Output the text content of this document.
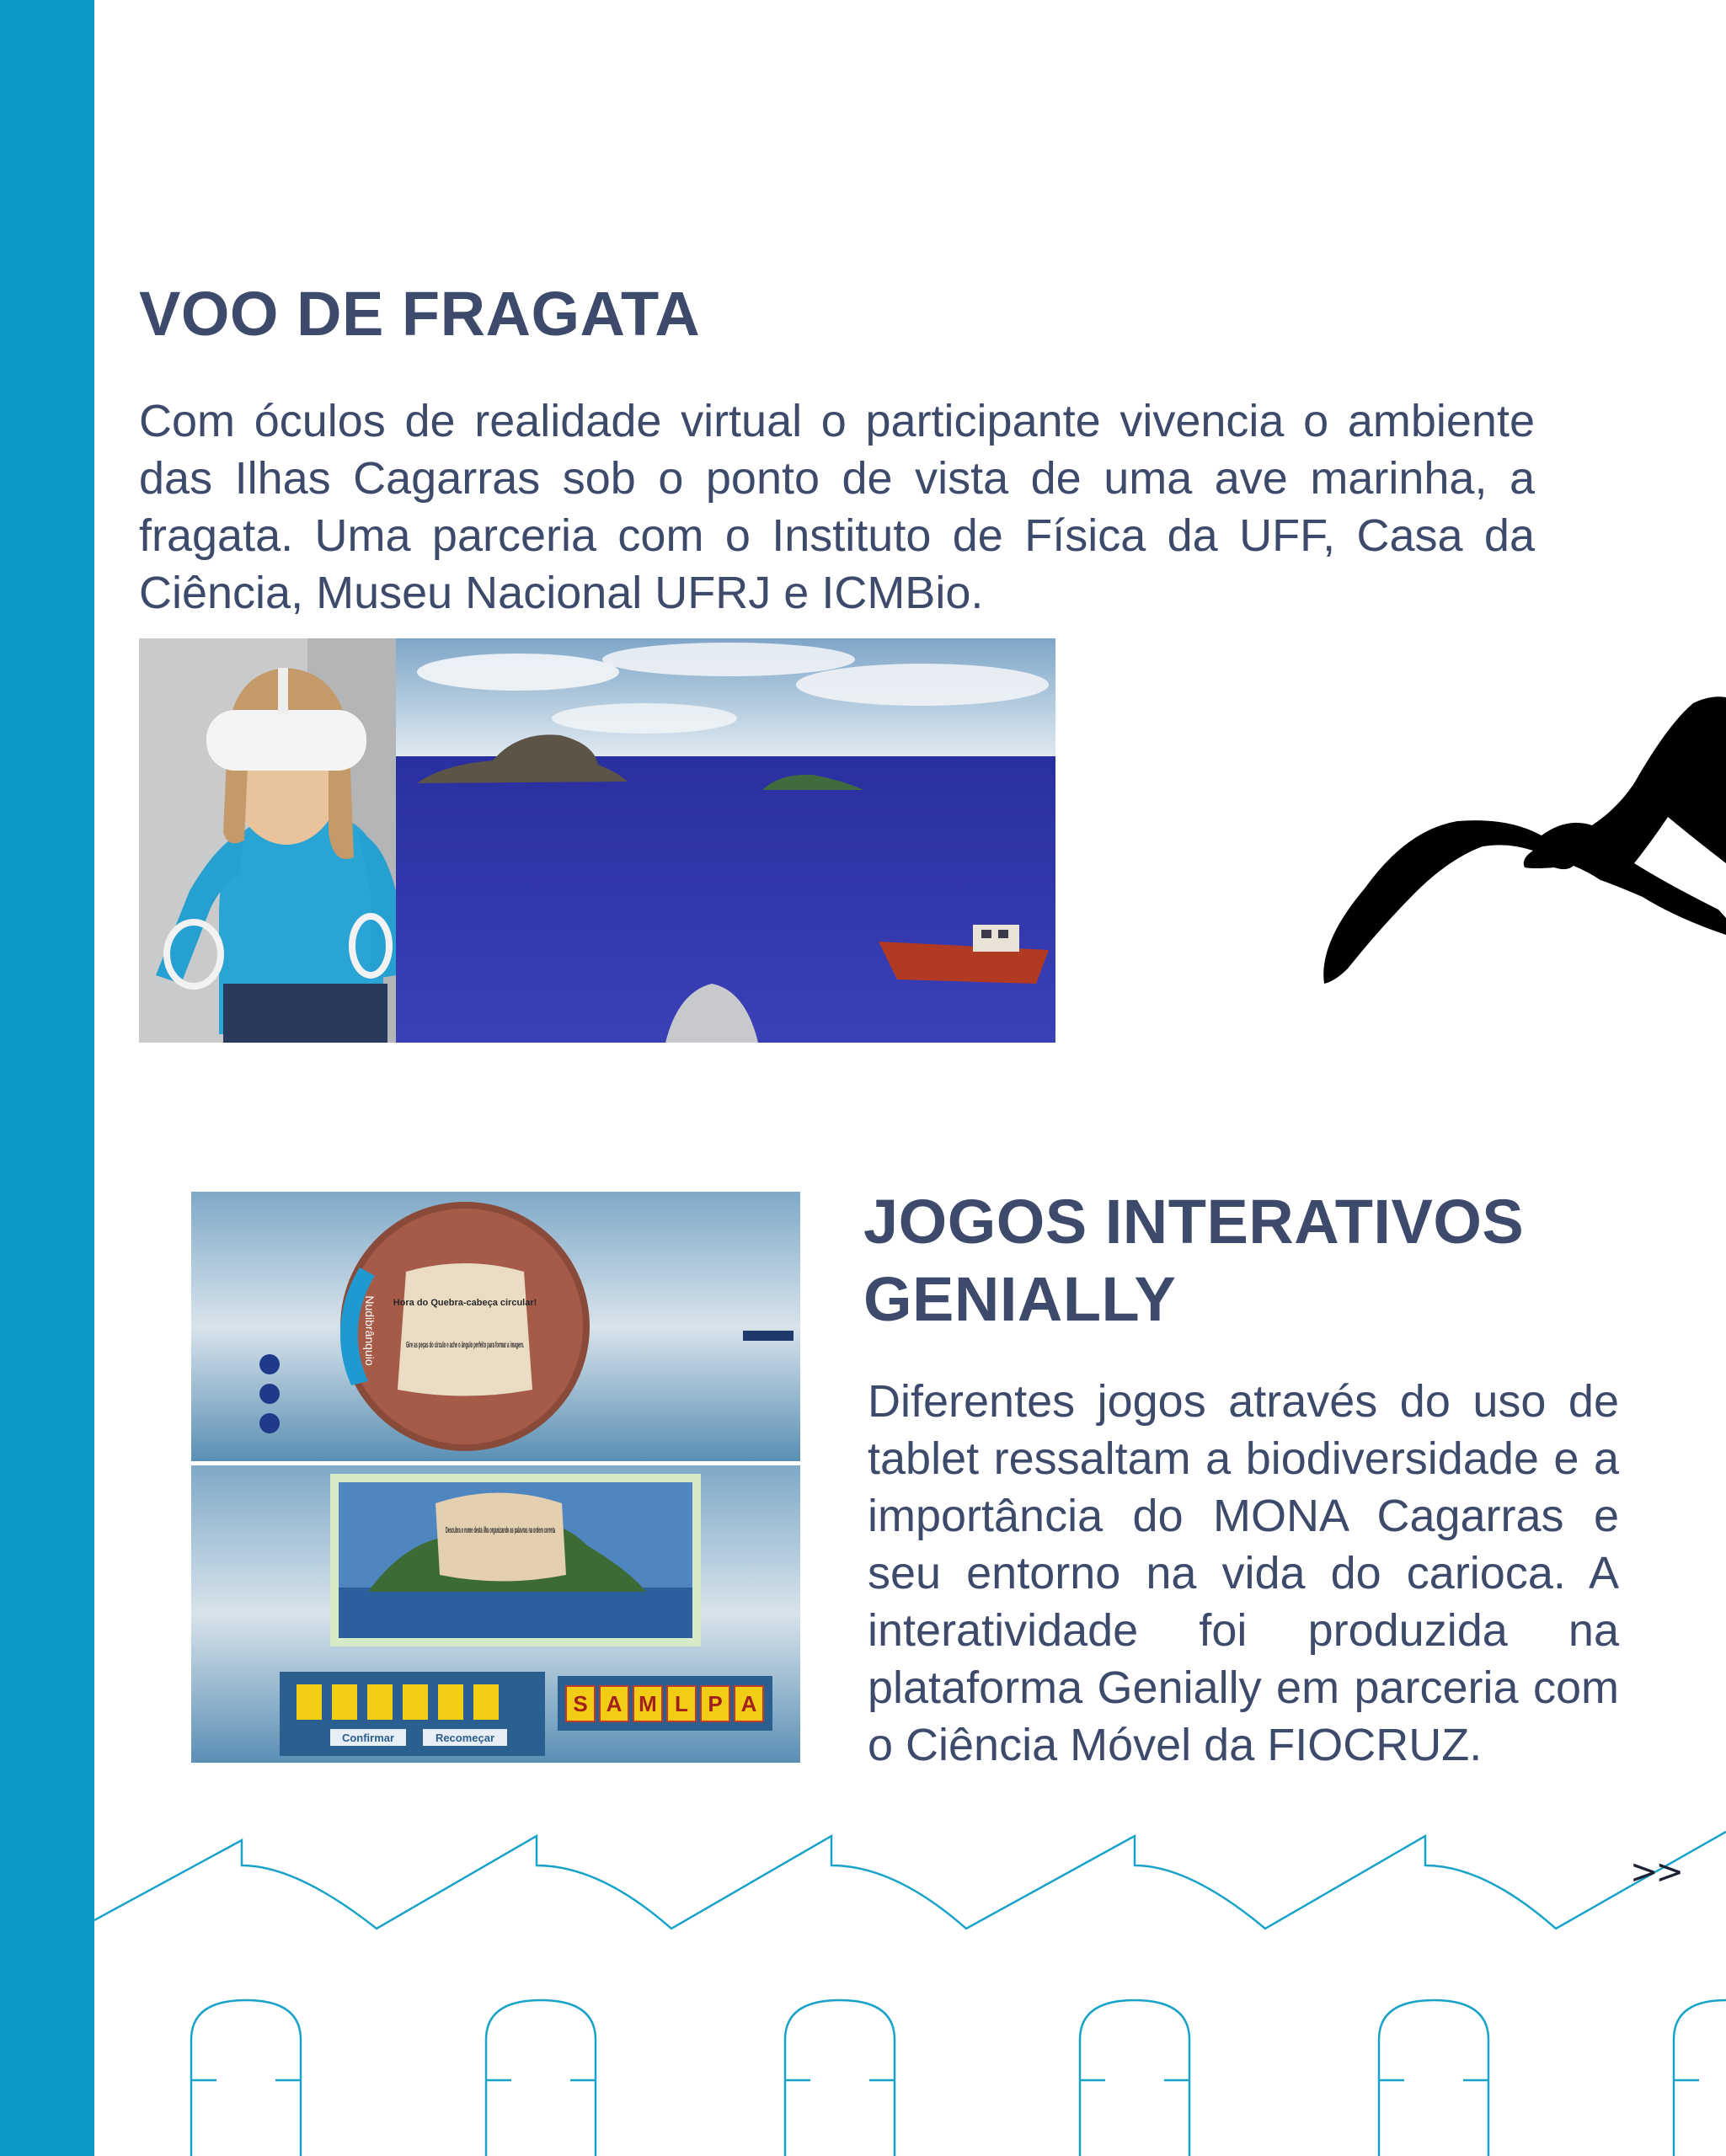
VOO DE FRAGATA

Com óculos de realidade virtual o participante vivencia o ambiente das Ilhas Cagarras sob o ponto de vista de uma ave marinha, a fragata. Uma parceria com o Instituto de Física da UFF, Casa da Ciência, Museu Nacional UFRJ e ICMBio.

Hora do Quebra-cabeça circular!
Gire as peças do círculo e ache o ângulo perfeito para formar a imagem.
Nudibrânquio
Descubra o nome desta ilha organizando as palavras na ordem correta
Confirmar	Recomeçar
S A M L P A
JOGOS INTERATIVOS GENIALLY

Diferentes jogos através do uso de tablet ressaltam a biodiversidade e a importância do MONA Cagarras e seu entorno na vida do carioca. A interatividade foi produzida na plataforma Genially em parceria com o Ciência Móvel da FIOCRUZ.

>>
